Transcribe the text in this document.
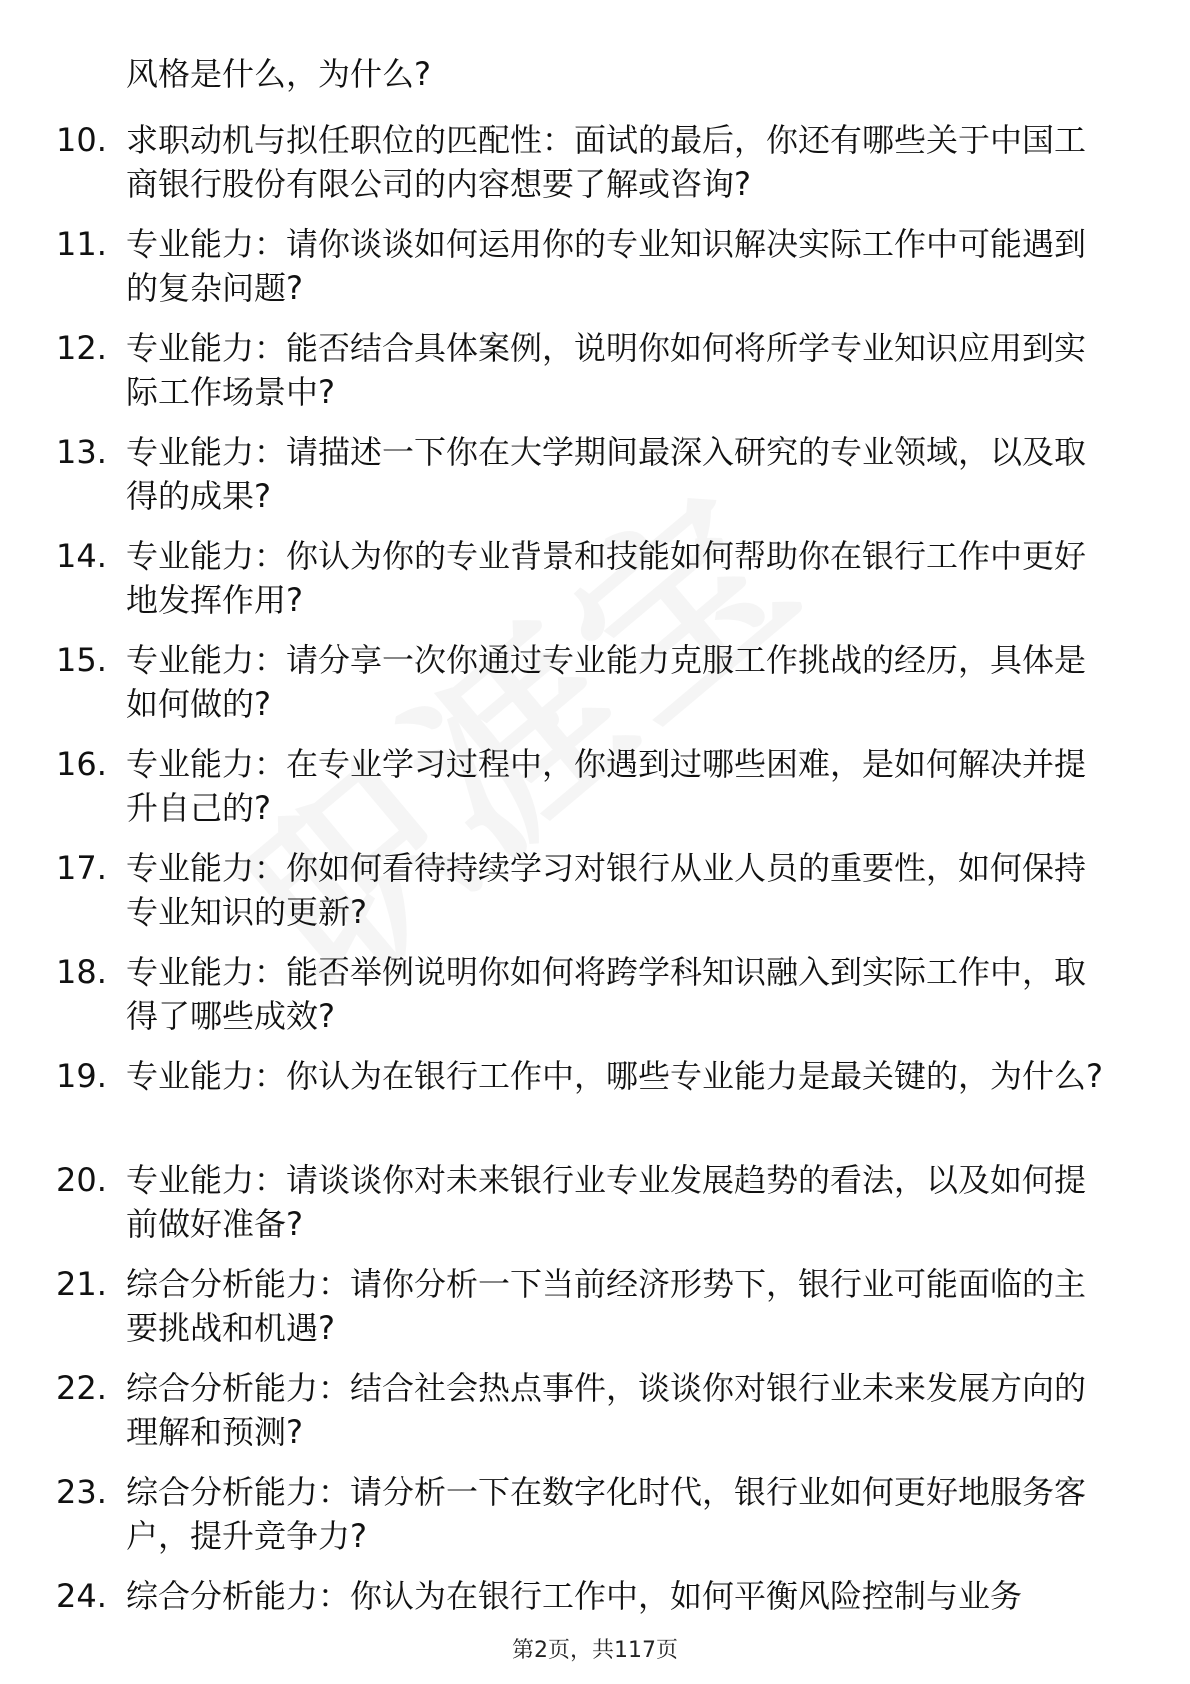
风格是什么，为什么?
10. 求职动机与拟任职位的匹配性：面试的最后，你还有哪些关于中国工商银行股份有限公司的内容想要了解或咨询?
11. 专业能力：请你谈谈如何运用你的专业知识解决实际工作中可能遇到的复杂问题?
12. 专业能力：能否结合具体案例，说明你如何将所学专业知识应用到实际工作场景中?
13. 专业能力：请描述一下你在大学期间最深入研究的专业领域，以及取得的成果?
14. 专业能力：你认为你的专业背景和技能如何帮助你在银行工作中更好地发挥作用?
15. 专业能力：请分享一次你通过专业能力克服工作挑战的经历，具体是如何做的?
16. 专业能力：在专业学习过程中，你遇到过哪些困难，是如何解决并提升自己的?
17. 专业能力：你如何看待持续学习对银行从业人员的重要性，如何保持专业知识的更新?
18. 专业能力：能否举例说明你如何将跨学科知识融入到实际工作中，取得了哪些成效?
19. 专业能力：你认为在银行工作中，哪些专业能力是最关键的，为什么?
20. 专业能力：请谈谈你对未来银行业专业发展趋势的看法，以及如何提前做好准备?
21. 综合分析能力：请你分析一下当前经济形势下，银行业可能面临的主要挑战和机遇?
22. 综合分析能力：结合社会热点事件，谈谈你对银行业未来发展方向的理解和预测?
23. 综合分析能力：请分析一下在数字化时代，银行业如何更好地服务客户，提升竞争力?
24. 综合分析能力：你认为在银行工作中，如何平衡风险控制与业务
第2页，共117页
